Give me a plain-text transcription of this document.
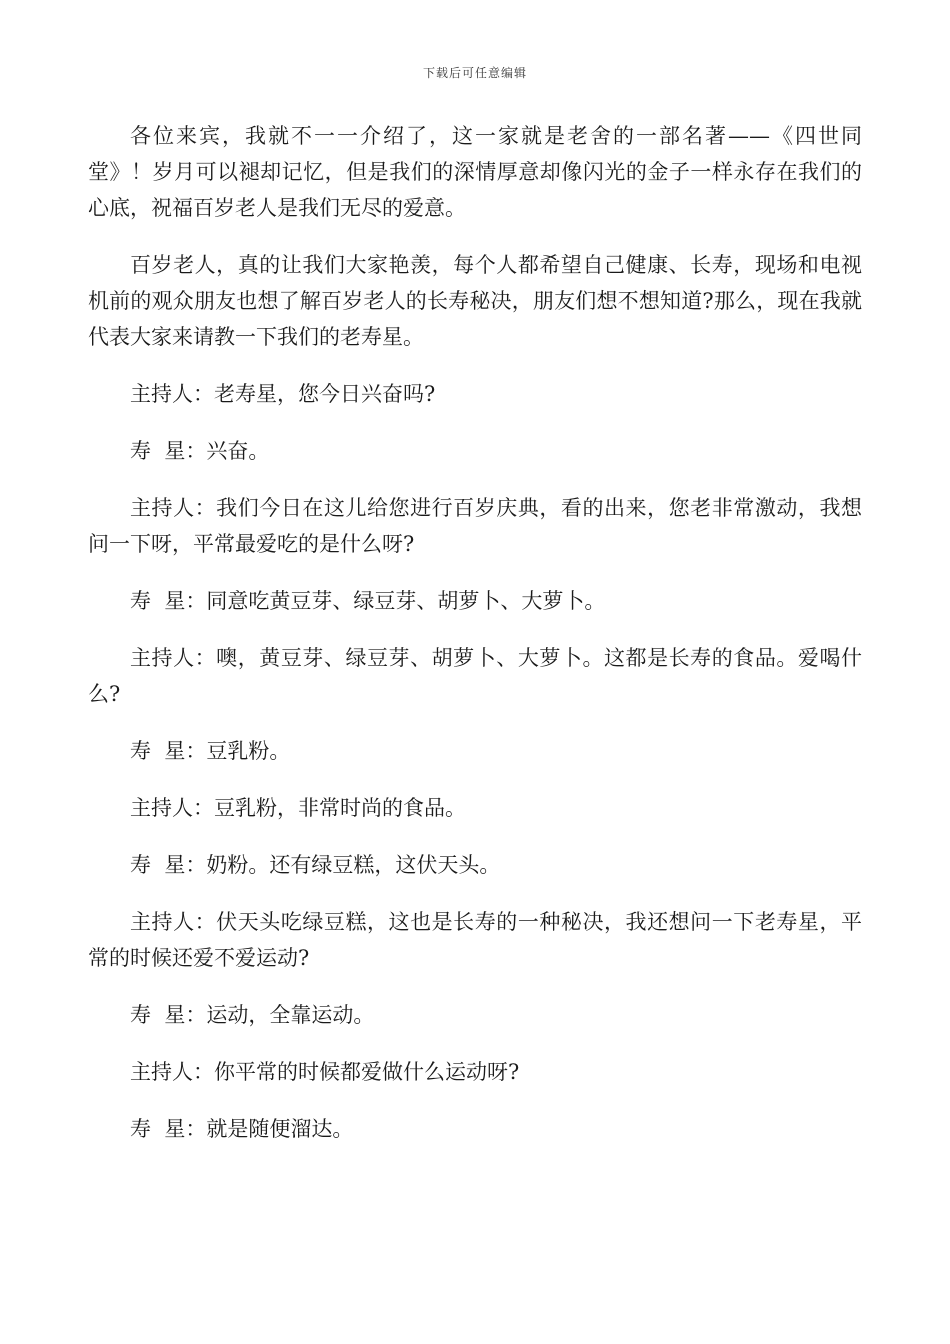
下载后可任意编辑

各位来宾，我就不一一介绍了，这一家就是老舍的一部名著——《四世同堂》！岁月可以褪却记忆，但是我们的深情厚意却像闪光的金子一样永存在我们的心底，祝福百岁老人是我们无尽的爱意。

百岁老人，真的让我们大家艳羡，每个人都希望自己健康、长寿，现场和电视机前的观众朋友也想了解百岁老人的长寿秘决，朋友们想不想知道?那么，现在我就代表大家来请教一下我们的老寿星。

主持人：老寿星，您今日兴奋吗?

寿  星：兴奋。

主持人：我们今日在这儿给您进行百岁庆典，看的出来，您老非常激动，我想问一下呀，平常最爱吃的是什么呀?

寿  星：同意吃黄豆芽、绿豆芽、胡萝卜、大萝卜。

主持人：噢，黄豆芽、绿豆芽、胡萝卜、大萝卜。这都是长寿的食品。爱喝什么?

寿  星：豆乳粉。

主持人：豆乳粉，非常时尚的食品。

寿  星：奶粉。还有绿豆糕，这伏天头。

主持人：伏天头吃绿豆糕，这也是长寿的一种秘决，我还想问一下老寿星，平常的时候还爱不爱运动?

寿  星：运动，全靠运动。

主持人：你平常的时候都爱做什么运动呀?

寿  星：就是随便溜达。
